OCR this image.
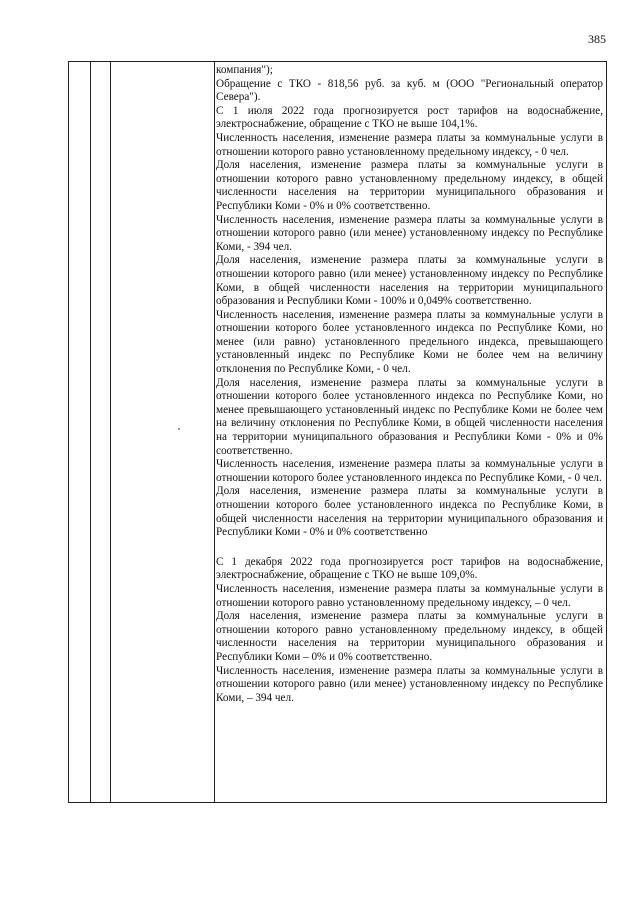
385

компания");

Обращение с ТКО - 818,56 руб. за куб. м (ООО "Региональный оператор Севера").

С 1 июля 2022 года прогнозируется рост тарифов на водоснабжение, электроснабжение, обращение с ТКО не выше 104,1%.

Численность населения, изменение размера платы за коммунальные услуги в отношении которого равно установленному предельному индексу, - 0 чел.

Доля населения, изменение размера платы за коммунальные услуги в отношении которого равно установленному предельному индексу, в общей численности населения на территории муниципального образования и Республики Коми - 0% и 0% соответственно.

Численность населения, изменение размера платы за коммунальные услуги в отношении которого равно (или менее) установленному индексу по Республике Коми, - 394 чел.

Доля населения, изменение размера платы за коммунальные услуги в отношении которого равно (или менее) установленному индексу по Республике Коми, в общей численности населения на территории муниципального образования и Республики Коми - 100% и 0,049% соответственно.

Численность населения, изменение размера платы за коммунальные услуги в отношении которого более установленного индекса по Республике Коми, но менее (или равно) установленного предельного индекса, превышающего установленный индекс по Республике Коми не более чем на величину отклонения по Республике Коми, - 0 чел.

Доля населения, изменение размера платы за коммунальные услуги в отношении которого более установленного индекса по Республике Коми, но менее превышающего установленный индекс по Республике Коми не более чем на величину отклонения по Республике Коми, в общей численности населения на территории муниципального образования и Республики Коми - 0% и 0% соответственно.

Численность населения, изменение размера платы за коммунальные услуги в отношении которого более установленного индекса по Республике Коми, - 0 чел.

Доля населения, изменение размера платы за коммунальные услуги в отношении которого более установленного индекса по Республике Коми, в общей численности населения на территории муниципального образования и Республики Коми - 0% и 0% соответственно

С 1 декабря 2022 года прогнозируется рост тарифов на водоснабжение, электроснабжение, обращение с ТКО не выше 109,0%.

Численность населения, изменение размера платы за коммунальные услуги в отношении которого равно установленному предельному индексу, – 0 чел.

Доля населения, изменение размера платы за коммунальные услуги в отношении которого равно установленному предельному индексу, в общей численности населения на территории муниципального образования и Республики Коми – 0% и 0% соответственно.

Численность населения, изменение размера платы за коммунальные услуги в отношении которого равно (или менее) установленному индексу по Республике Коми, – 394 чел.
